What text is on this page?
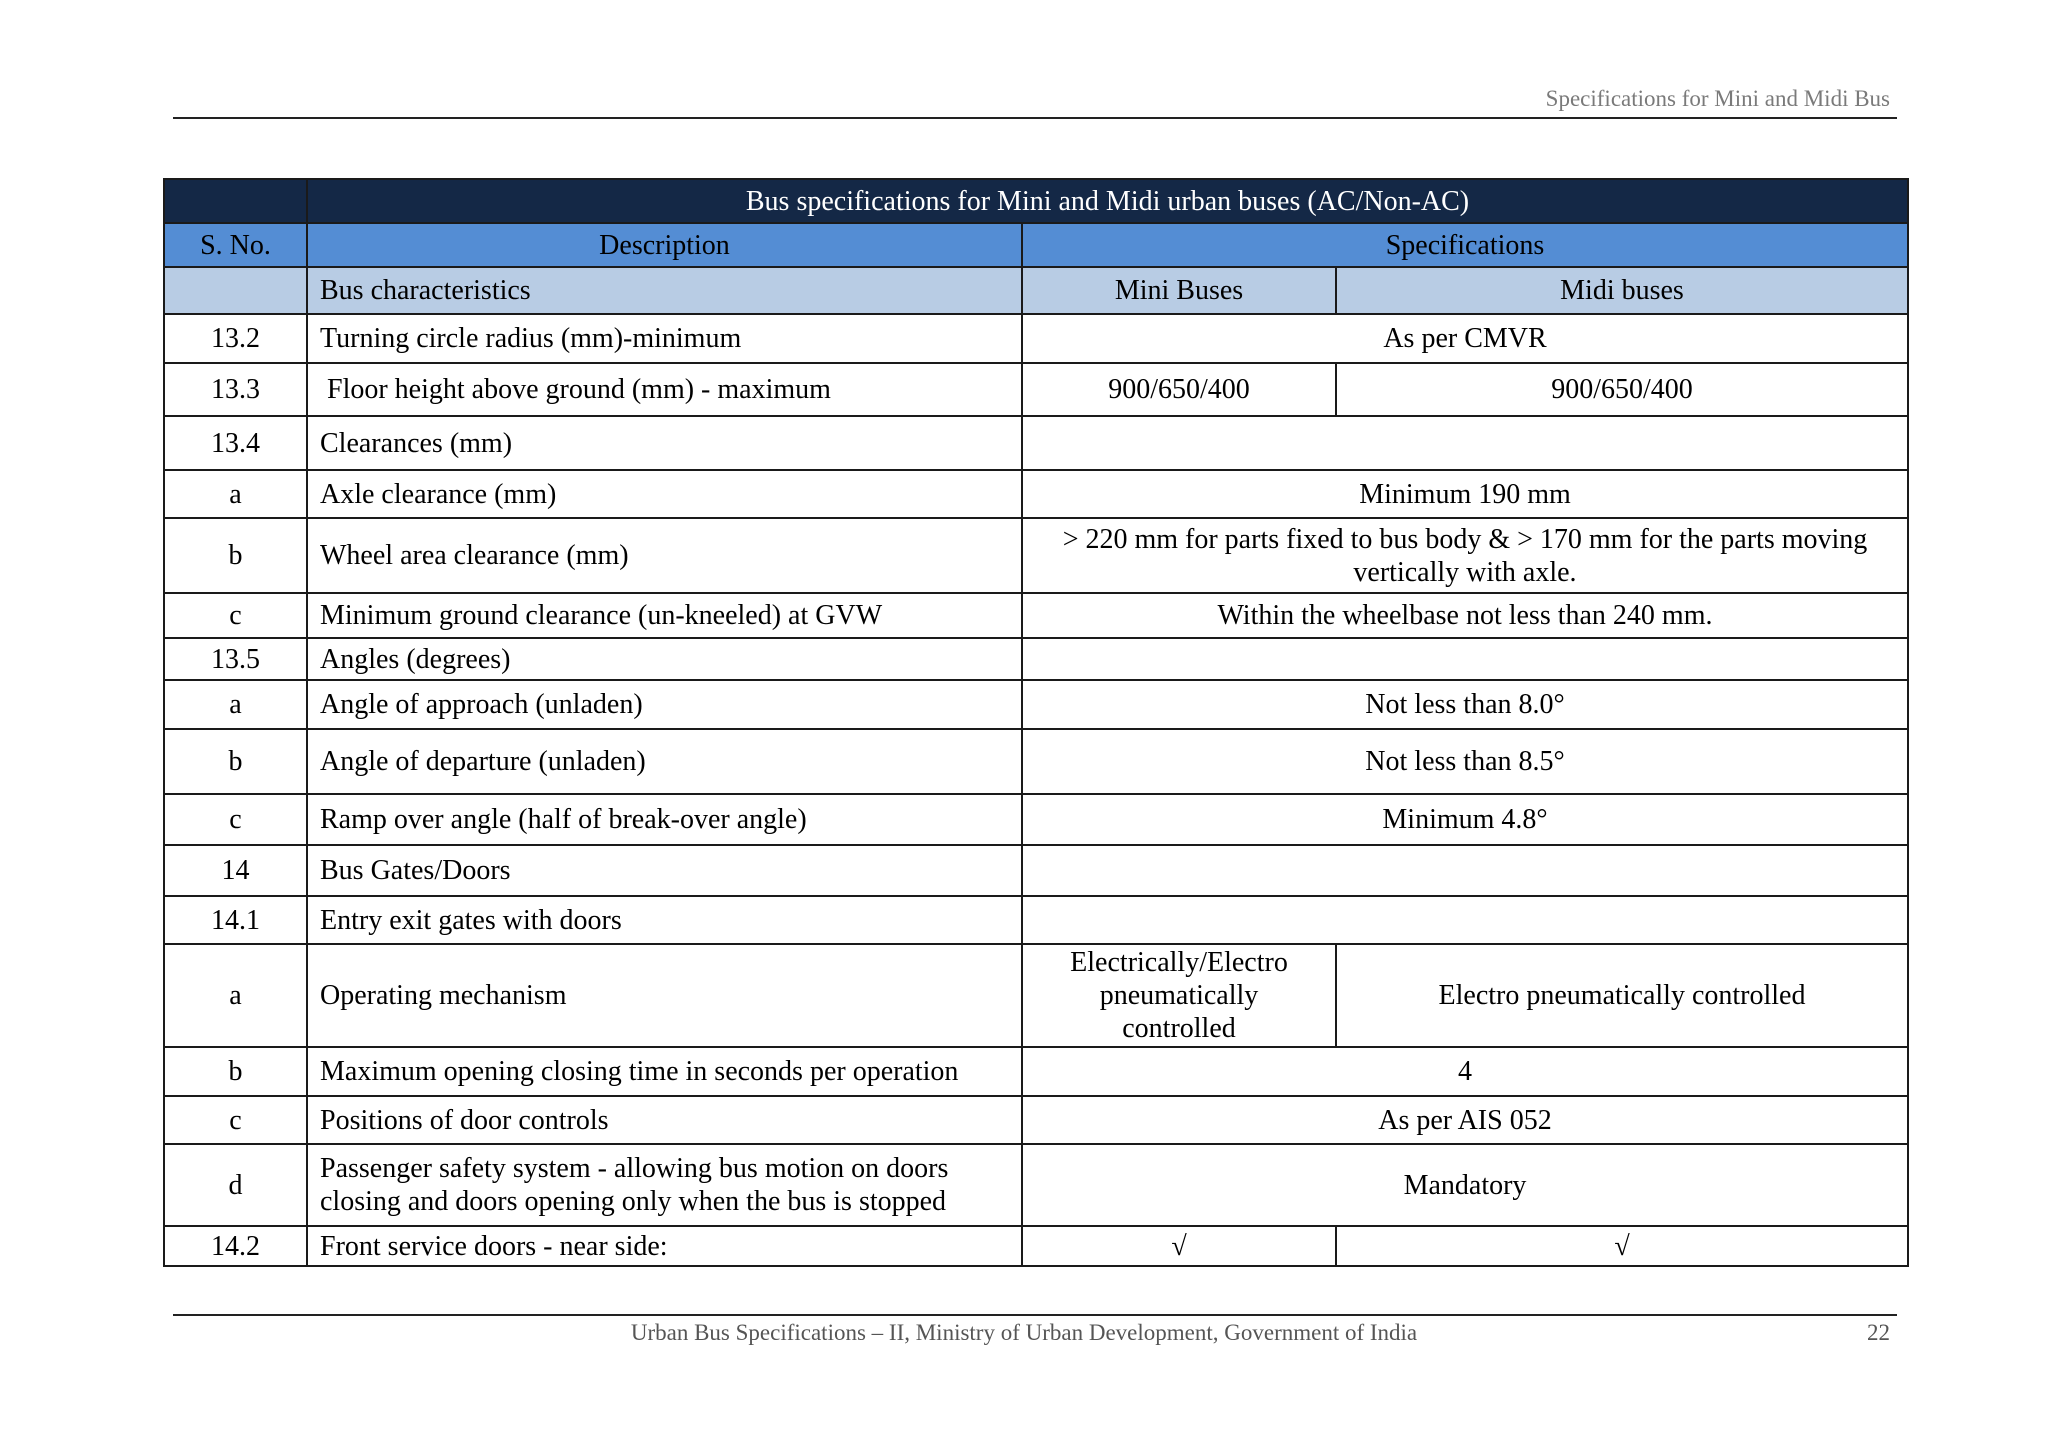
Specifications for Mini and Midi Bus
	Bus specifications for Mini and Midi urban buses (AC/Non-AC)		
S. No.	Description	Specifications	
	Bus characteristics	Mini Buses	Midi buses
13.2	Turning circle radius (mm)-minimum	As per CMVR	
13.3	Floor height above ground (mm) - maximum	900/650/400	900/650/400
13.4	Clearances (mm)		
a	Axle clearance (mm)	Minimum 190 mm	
b	Wheel area clearance (mm)	> 220 mm for parts fixed to bus body & > 170 mm for the parts moving
vertically with axle.	

c	Minimum ground clearance (un-kneeled) at GVW	Within the wheelbase not less than 240 mm.	
13.5	Angles (degrees)		
a	Angle of approach (unladen)	Not less than 8.0°	
b	Angle of departure (unladen)	Not less than 8.5°	
c	Ramp over angle (half of break-over angle)	Minimum 4.8°	
14	Bus Gates/Doors		
14.1	Entry exit gates with doors		
a	Operating mechanism	Electrically/Electro
pneumatically
controlled	Electro pneumatically controlled
b	Maximum opening closing time in seconds per operation	4	
c	Positions of door controls	As per AIS 052	
d	Passenger safety system - allowing bus motion on doors
closing and doors opening only when the bus is stopped	Mandatory	
14.2	Front service doors - near side:	√	√
Urban Bus Specifications – II, Ministry of Urban Development, Government of India	22
